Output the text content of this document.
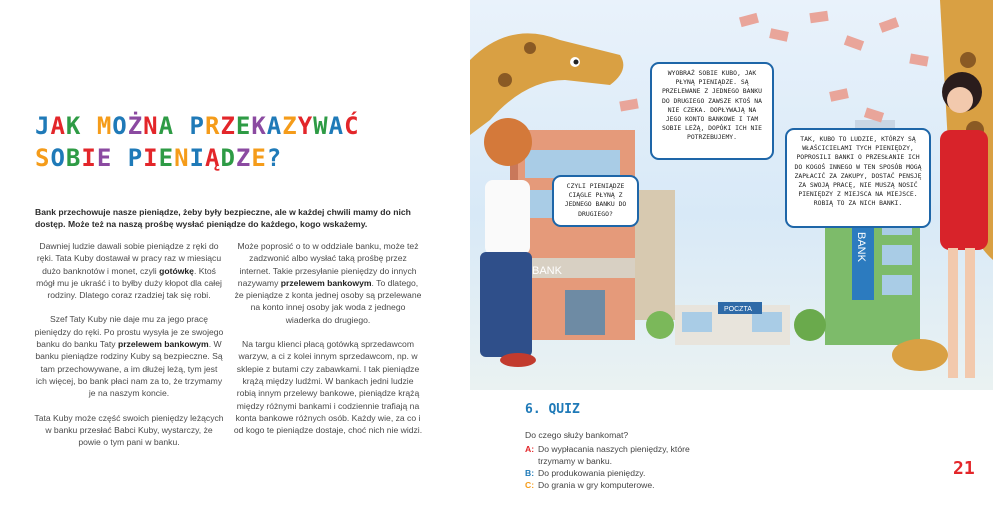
JAK MOŻNA PRZEKAZYWAĆ
SOBIE PIENIĄDZE?

Bank przechowuje nasze pieniądze, żeby były bezpieczne, ale w każdej chwili mamy do nich dostęp. Może też na naszą prośbę wysłać pieniądze do każdego, kogo wskażemy.

Dawniej ludzie dawali sobie pieniądze z ręki do ręki. Tata Kuby dostawał w pracy raz w miesiącu dużo banknotów i monet, czyli gotówkę. Ktoś mógł mu je ukraść i to byłby duży kłopot dla całej rodziny. Dlatego coraz rzadziej tak się robi.

Szef Taty Kuby nie daje mu za jego pracę pieniędzy do ręki. Po prostu wysyła je ze swojego banku do banku Taty przelewem bankowym. W banku pieniądze rodziny Kuby są bezpieczne. Są tam przechowywane, a im dłużej leżą, tym jest ich więcej, bo bank płaci nam za to, że trzymamy je na naszym koncie.

Tata Kuby może część swoich pieniędzy leżących w banku przesłać Babci Kuby, wystarczy, że powie o tym pani w banku.

Może poprosić o to w oddziale banku, może też zadzwonić albo wysłać taką prośbę przez internet. Takie przesyłanie pieniędzy do innych nazywamy przelewem bankowym. To dlatego, że pieniądze z konta jednej osoby są przelewane na konto innej osoby jak woda z jednego wiaderka do drugiego.

Na targu klienci płacą gotówką sprzedawcom warzyw, a ci z kolei innym sprzedawcom, np. w sklepie z butami czy zabawkami. I tak pieniądze krążą między ludźmi. W bankach jedni ludzie robią innym przelewy bankowe, pieniądze krążą między różnymi bankami i codziennie trafiają na konta bankowe różnych osób. Każdy wie, za co i od kogo te pieniądze dostaje, choć nich nie widzi.

BANK
POCZTA
BANK
WYOBRAŹ SOBIE KUBO, JAK PŁYNĄ PIENIĄDZE. SĄ PRZELEWANE Z JEDNEGO BANKU DO DRUGIEGO ZAWSZE KTOŚ NA NIE CZEKA. DOPŁYWAJĄ NA JEGO KONTO BANKOWE I TAM SOBIE LEŻĄ, DOPÓKI ICH NIE POTRZEBUJEMY.
CZYLI PIENIĄDZE CIĄGLE PŁYNĄ Z JEDNEGO BANKU DO DRUGIEGO?
TAK, KUBO TO LUDZIE, KTÓRZY SĄ WŁAŚCICIELAMI TYCH PIENIĘDZY, POPROSILI BANKI O PRZESŁANIE ICH DO KOGOŚ INNEGO W TEN SPOSÓB MOGĄ ZAPŁACIĆ ZA ZAKUPY, DOSTAĆ PENSJĘ ZA SWOJĄ PRACĘ, NIE MUSZĄ NOSIĆ PIENIĘDZY Z MIEJSCA NA MIEJSCE. ROBIĄ TO ZA NICH BANKI.
6. QUIZ

Do czego służy bankomat?

A: Do wypłacania naszych pieniędzy, które trzymamy w banku.
B: Do produkowania pieniędzy.
C: Do grania w gry komputerowe.
21
